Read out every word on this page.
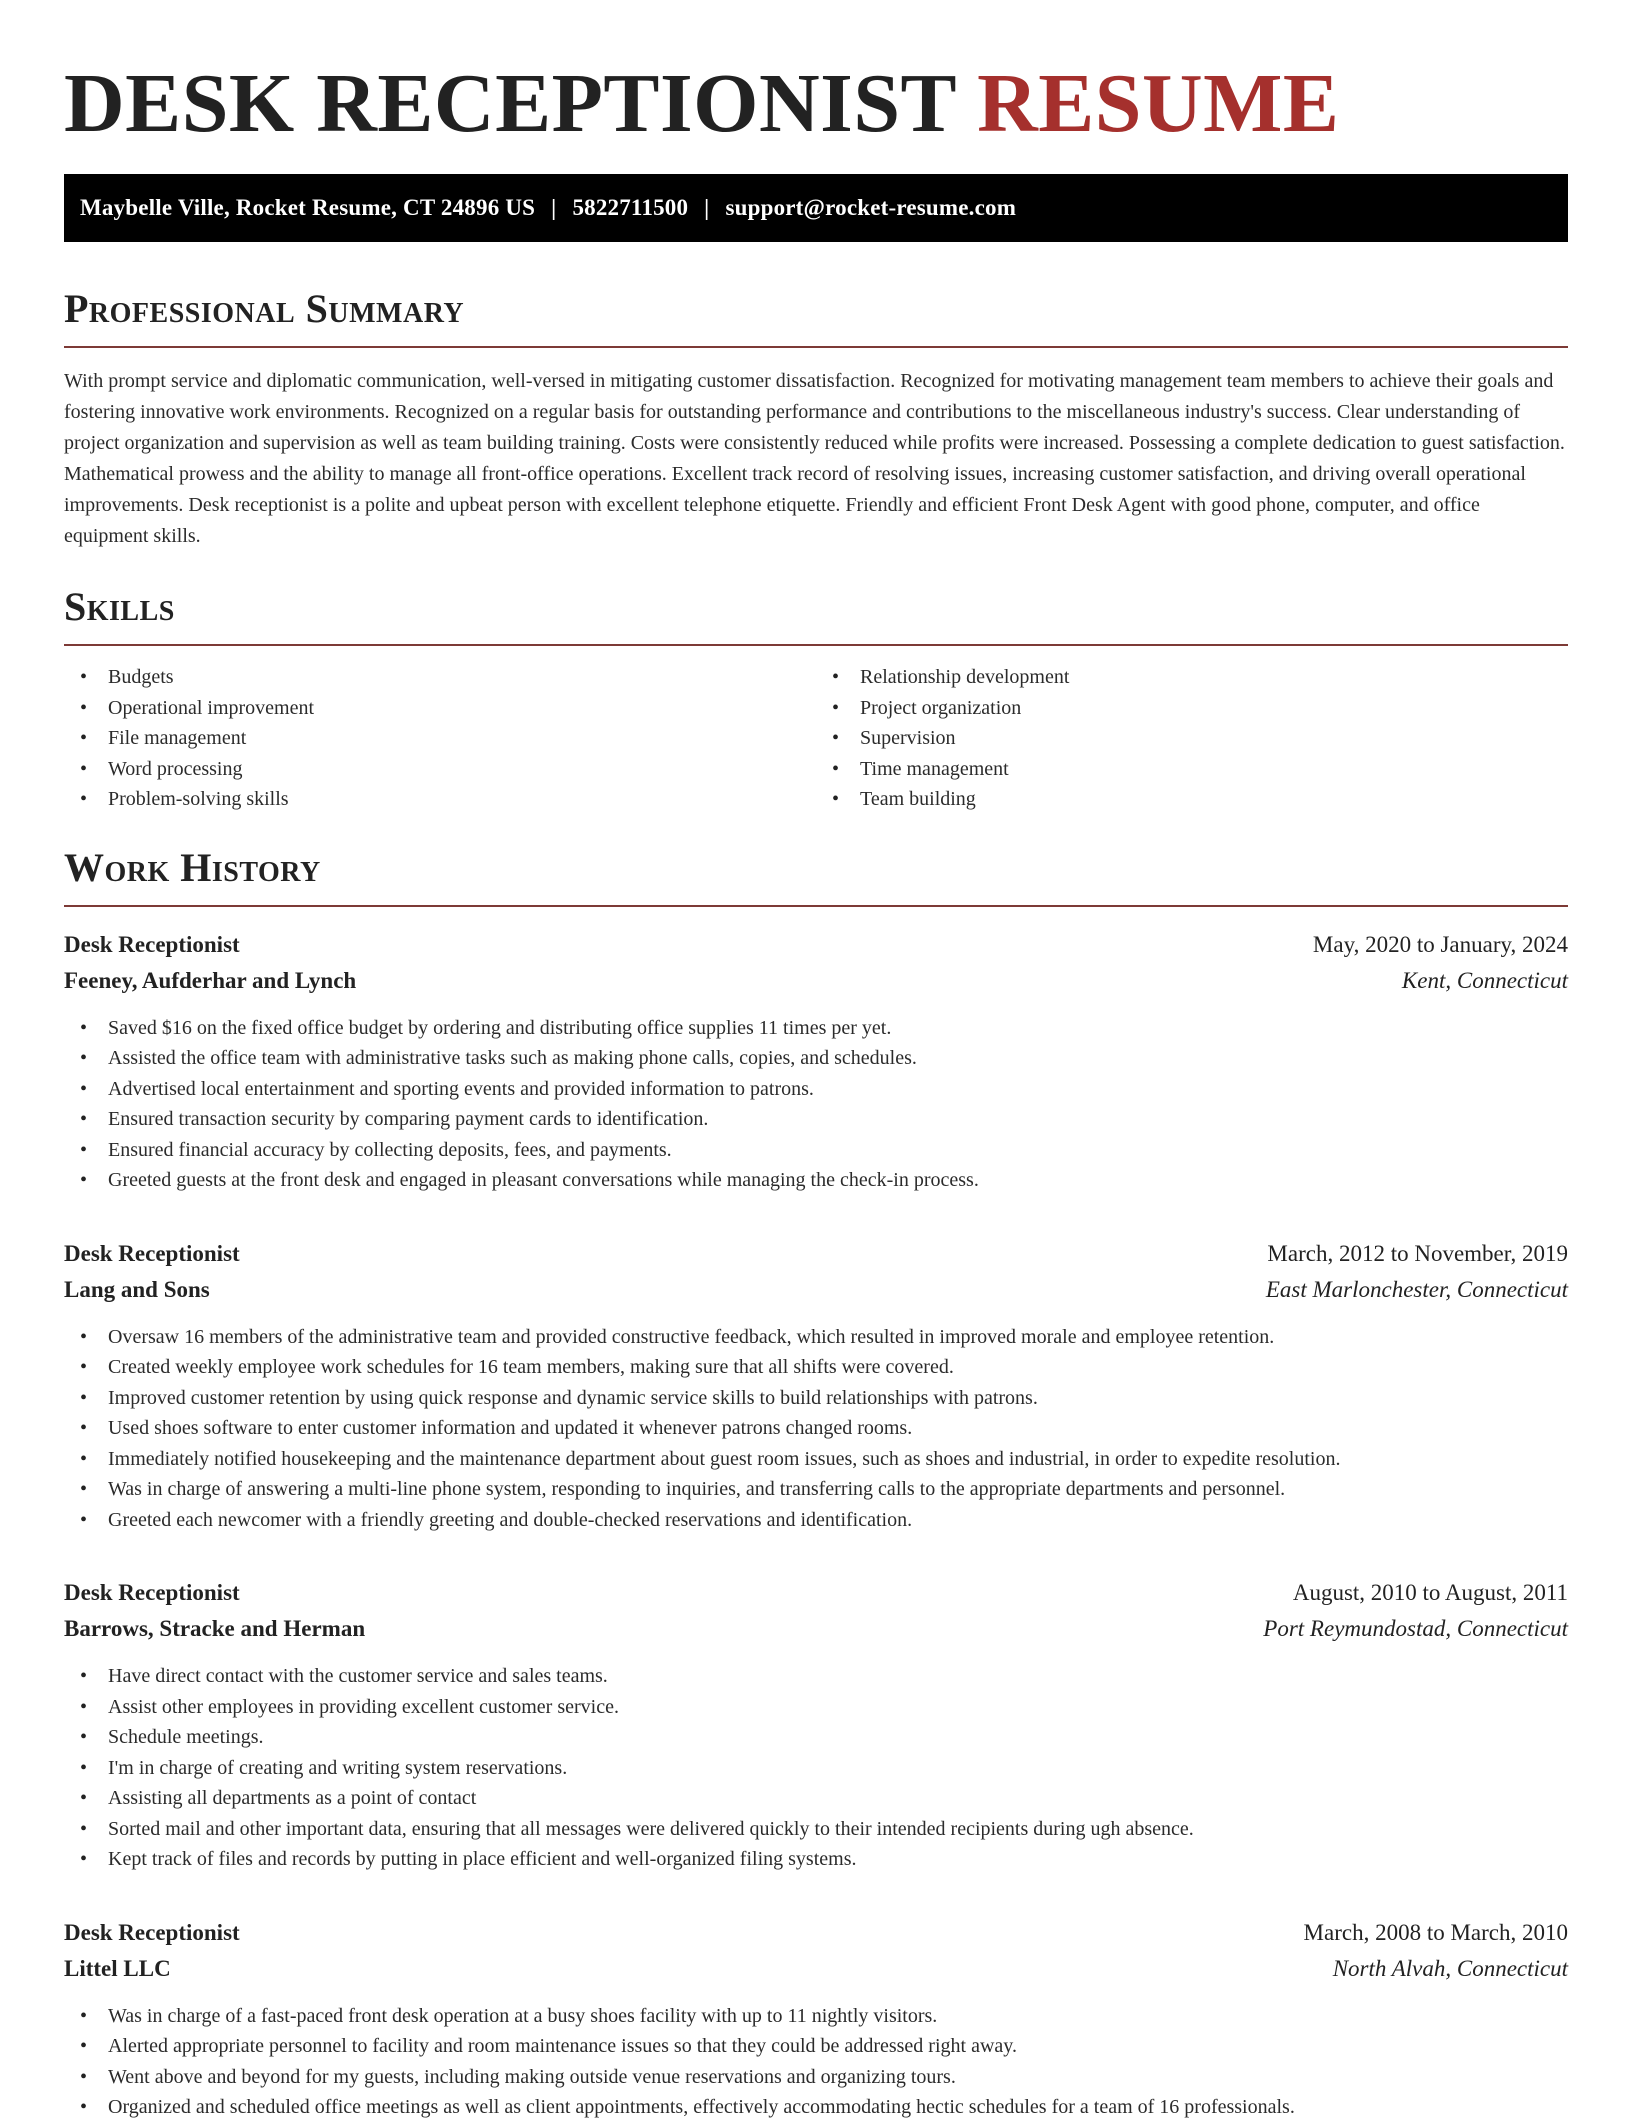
DESK RECEPTIONIST RESUME
Maybelle Ville, Rocket Resume, CT 24896 US | 5822711500 | support@rocket-resume.com
Professional Summary

With prompt service and diplomatic communication, well-versed in mitigating customer dissatisfaction. Recognized for motivating management team members to achieve their goals and fostering innovative work environments. Recognized on a regular basis for outstanding performance and contributions to the miscellaneous industry's success. Clear understanding of project organization and supervision as well as team building training. Costs were consistently reduced while profits were increased. Possessing a complete dedication to guest satisfaction. Mathematical prowess and the ability to manage all front-office operations. Excellent track record of resolving issues, increasing customer satisfaction, and driving overall operational improvements. Desk receptionist is a polite and upbeat person with excellent telephone etiquette. Friendly and efficient Front Desk Agent with good phone, computer, and office equipment skills.

Skills
• Budgets
• Operational improvement
• File management
• Word processing
• Problem-solving skills
• Relationship development
• Project organization
• Supervision
• Time management
• Team building
Work History
Desk Receptionist	May, 2020 to January, 2024
Feeney, Aufderhar and Lynch	Kent, Connecticut
• Saved $16 on the fixed office budget by ordering and distributing office supplies 11 times per yet.
• Assisted the office team with administrative tasks such as making phone calls, copies, and schedules.
• Advertised local entertainment and sporting events and provided information to patrons.
• Ensured transaction security by comparing payment cards to identification.
• Ensured financial accuracy by collecting deposits, fees, and payments.
• Greeted guests at the front desk and engaged in pleasant conversations while managing the check-in process.
Desk Receptionist	March, 2012 to November, 2019
Lang and Sons	East Marlonchester, Connecticut
• Oversaw 16 members of the administrative team and provided constructive feedback, which resulted in improved morale and employee retention.
• Created weekly employee work schedules for 16 team members, making sure that all shifts were covered.
• Improved customer retention by using quick response and dynamic service skills to build relationships with patrons.
• Used shoes software to enter customer information and updated it whenever patrons changed rooms.
• Immediately notified housekeeping and the maintenance department about guest room issues, such as shoes and industrial, in order to expedite resolution.
• Was in charge of answering a multi-line phone system, responding to inquiries, and transferring calls to the appropriate departments and personnel.
• Greeted each newcomer with a friendly greeting and double-checked reservations and identification.
Desk Receptionist	August, 2010 to August, 2011
Barrows, Stracke and Herman	Port Reymundostad, Connecticut
• Have direct contact with the customer service and sales teams.
• Assist other employees in providing excellent customer service.
• Schedule meetings.
• I'm in charge of creating and writing system reservations.
• Assisting all departments as a point of contact
• Sorted mail and other important data, ensuring that all messages were delivered quickly to their intended recipients during ugh absence.
• Kept track of files and records by putting in place efficient and well-organized filing systems.
Desk Receptionist	March, 2008 to March, 2010
Littel LLC	North Alvah, Connecticut
• Was in charge of a fast-paced front desk operation at a busy shoes facility with up to 11 nightly visitors.
• Alerted appropriate personnel to facility and room maintenance issues so that they could be addressed right away.
• Went above and beyond for my guests, including making outside venue reservations and organizing tours.
• Organized and scheduled office meetings as well as client appointments, effectively accommodating hectic schedules for a team of 16 professionals.
